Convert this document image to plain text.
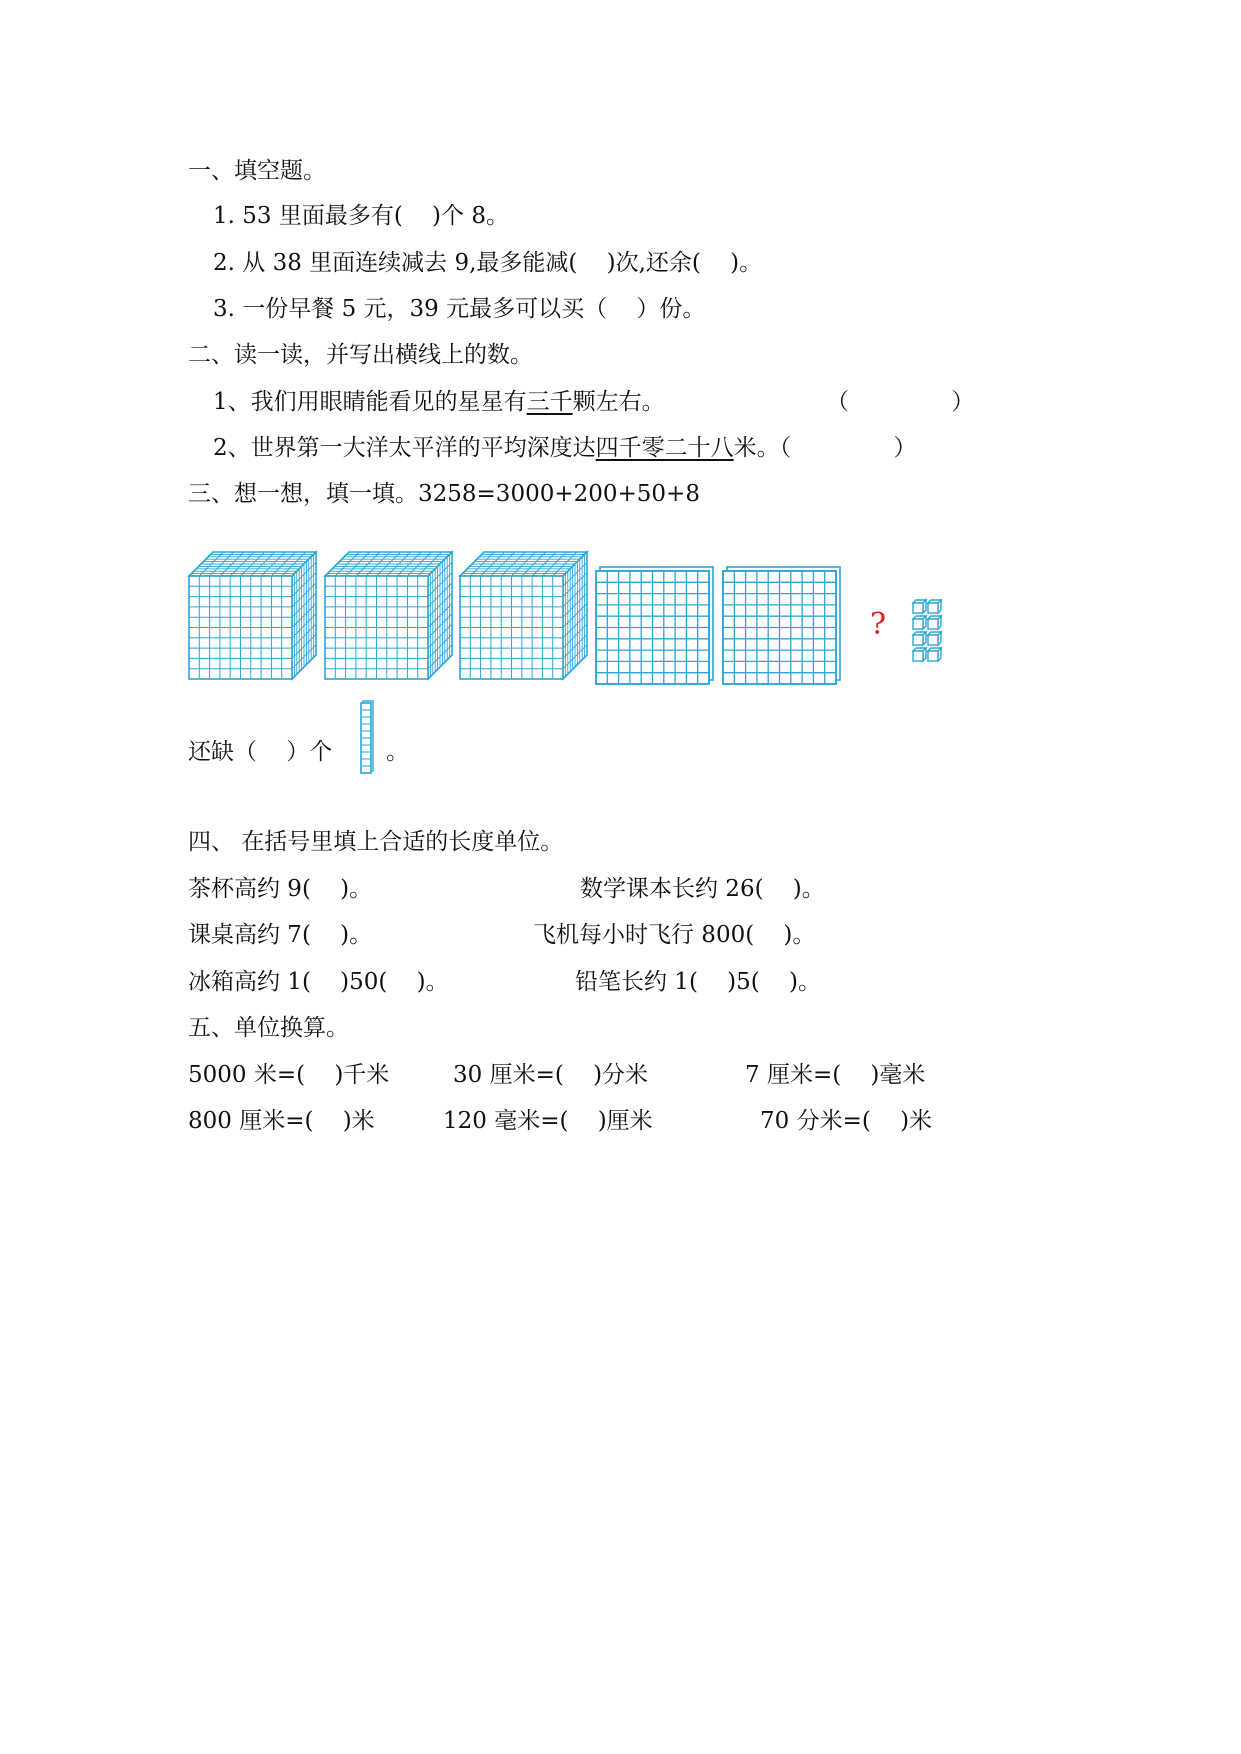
一、填空题。
1. 53 里面最多有(    )个 8。
2. 从 38 里面连续减去 9,最多能减(    )次,还余(    )。
3. 一份早餐 5 元，39 元最多可以买（    ）份。
二、读一读，并写出横线上的数。
1、我们用眼睛能看见的星星有三千颗左右。	（              ）
2、世界第一大洋太平洋的平均深度达四千零二十八米。（              ）
三、想一想，填一填。3258=3000+200+50+8
?
还缺（    ）个 。
四、 在括号里填上合适的长度单位。
茶杯高约 9(    )。	数学课本长约 26(    )。
课桌高约 7(    )。	飞机每小时飞行 800(    )。
冰箱高约 1(    )50(    )。	铅笔长约 1(    )5(    )。
五、单位换算。
5000 米=(    )千米	30 厘米=(    )分米	7 厘米=(    )毫米
800 厘米=(    )米	120 毫米=(    )厘米	70 分米=(    )米
